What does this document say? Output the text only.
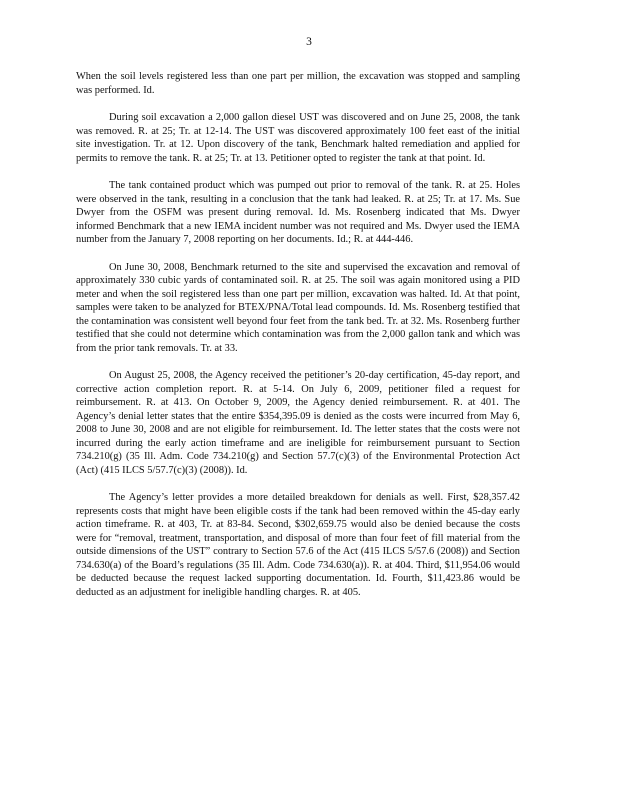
3

When the soil levels registered less than one part per million, the excavation was stopped and sampling was performed. Id.

During soil excavation a 2,000 gallon diesel UST was discovered and on June 25, 2008, the tank was removed. R. at 25; Tr. at 12-14. The UST was discovered approximately 100 feet east of the initial site investigation. Tr. at 12. Upon discovery of the tank, Benchmark halted remediation and applied for permits to remove the tank. R. at 25; Tr. at 13. Petitioner opted to register the tank at that point. Id.

The tank contained product which was pumped out prior to removal of the tank. R. at 25. Holes were observed in the tank, resulting in a conclusion that the tank had leaked. R. at 25; Tr. at 17. Ms. Sue Dwyer from the OSFM was present during removal. Id. Ms. Rosenberg indicated that Ms. Dwyer informed Benchmark that a new IEMA incident number was not required and Ms. Dwyer used the IEMA number from the January 7, 2008 reporting on her documents. Id.; R. at 444-446.

On June 30, 2008, Benchmark returned to the site and supervised the excavation and removal of approximately 330 cubic yards of contaminated soil. R. at 25. The soil was again monitored using a PID meter and when the soil registered less than one part per million, excavation was halted. Id. At that point, samples were taken to be analyzed for BTEX/PNA/Total lead compounds. Id. Ms. Rosenberg testified that the contamination was consistent well beyond four feet from the tank bed. Tr. at 32. Ms. Rosenberg further testified that she could not determine which contamination was from the 2,000 gallon tank and which was from the prior tank removals. Tr. at 33.

On August 25, 2008, the Agency received the petitioner’s 20-day certification, 45-day report, and corrective action completion report. R. at 5-14. On July 6, 2009, petitioner filed a request for reimbursement. R. at 413. On October 9, 2009, the Agency denied reimbursement. R. at 401. The Agency’s denial letter states that the entire $354,395.09 is denied as the costs were incurred from May 6, 2008 to June 30, 2008 and are not eligible for reimbursement. Id. The letter states that the costs were not incurred during the early action timeframe and are ineligible for reimbursement pursuant to Section 734.210(g) (35 Ill. Adm. Code 734.210(g) and Section 57.7(c)(3) of the Environmental Protection Act (Act) (415 ILCS 5/57.7(c)(3) (2008)). Id.

The Agency’s letter provides a more detailed breakdown for denials as well. First, $28,357.42 represents costs that might have been eligible costs if the tank had been removed within the 45-day early action timeframe. R. at 403, Tr. at 83-84. Second, $302,659.75 would also be denied because the costs were for “removal, treatment, transportation, and disposal of more than four feet of fill material from the outside dimensions of the UST” contrary to Section 57.6 of the Act (415 ILCS 5/57.6 (2008)) and Section 734.630(a) of the Board’s regulations (35 Ill. Adm. Code 734.630(a)). R. at 404. Third, $11,954.06 would be deducted because the request lacked supporting documentation. Id. Fourth, $11,423.86 would be deducted as an adjustment for ineligible handling charges. R. at 405.
